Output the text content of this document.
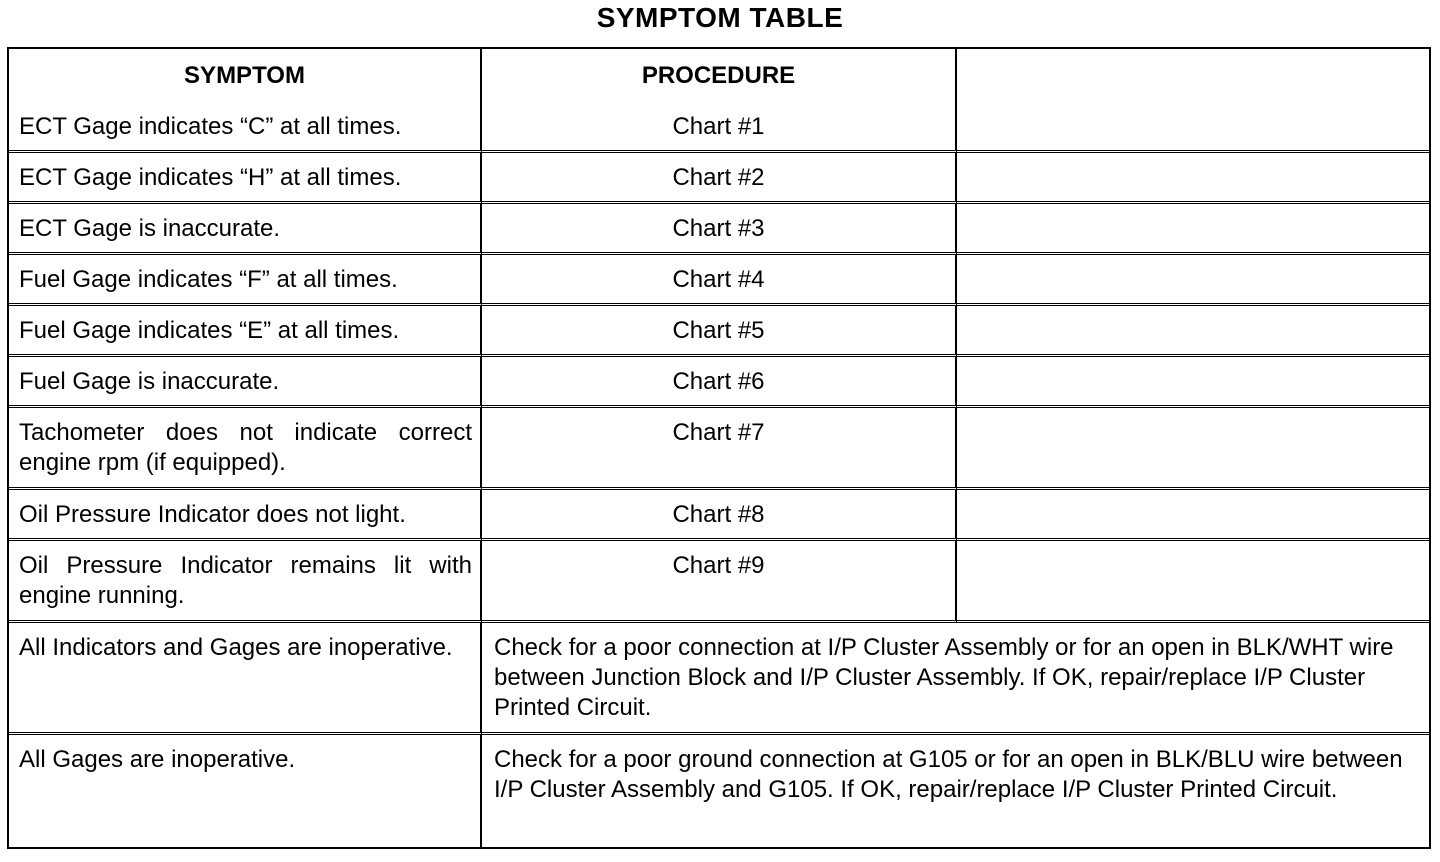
SYMPTOM TABLE
SYMPTOM	PROCEDURE	
ECT Gage indicates “C” at all times.	Chart #1	
ECT Gage indicates “H” at all times.	Chart #2	
ECT Gage is inaccurate.	Chart #3	
Fuel Gage indicates “F” at all times.	Chart #4	
Fuel Gage indicates “E” at all times.	Chart #5	
Fuel Gage is inaccurate.	Chart #6	
Tachometer does not indicate correct engine rpm (if equipped).	Chart #7	
Oil Pressure Indicator does not light.	Chart #8	
Oil Pressure Indicator remains lit with engine running.	Chart #9	
All Indicators and Gages are inoperative.	Check for a poor connection at I/P Cluster Assembly or for an open in BLK/WHT wire between Junction Block and I/P Cluster Assembly. If OK, repair/replace I/P Cluster Printed Circuit.	
All Gages are inoperative.	Check for a poor ground connection at G105 or for an open in BLK/BLU wire between I/P Cluster Assembly and G105. If OK, repair/replace I/P Cluster Printed Circuit.	
